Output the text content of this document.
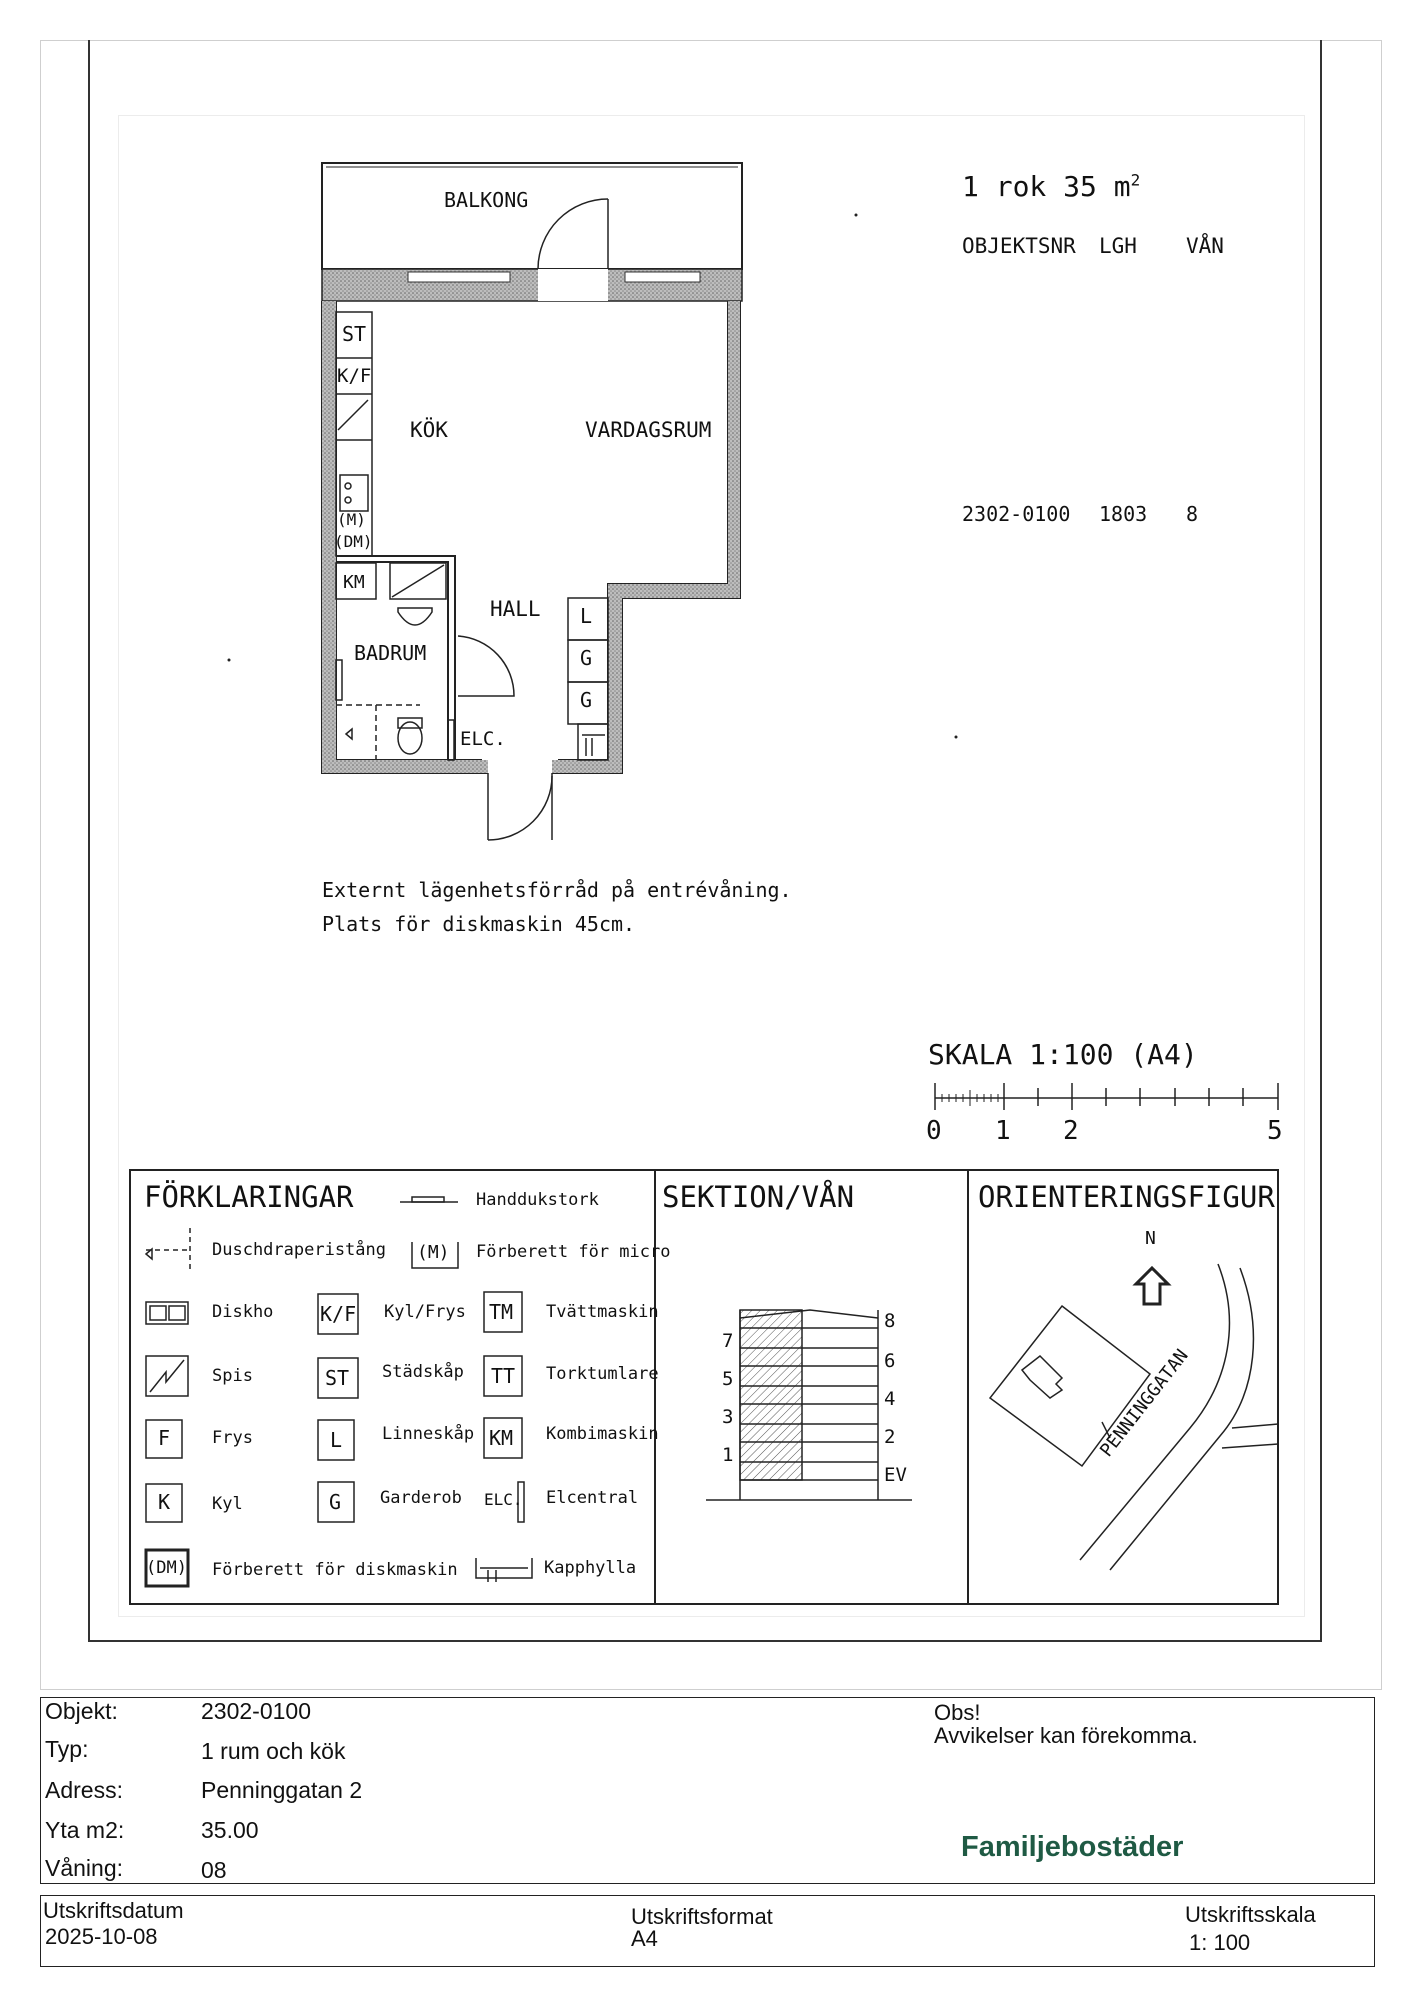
1 rok 35 $m^2$
OBJEKTSNR LGH VÅN
2302-0100 1803 8
BALKONG
KÖK	VARDAGSRUM
HALL
BADRUM
ELC.
ST
K/F
(M)
(DM)
KM
L
G
G
Externt lägenhetsförråd på entrévåning.
Plats för diskmaskin 45cm.
SKALA 1:100 (A4)
0 1 2	5
FÖRKLARINGAR	Handdukstork
Duschdraperistång (M) Förberett för micro
Diskho K/F Kyl/Frys TM Tvättmaskin
Spis	ST Städskåp TT Torktumlare
F Frys	L Linneskåp KM Kombimaskin
K Kyl	G Garderob ELC. Elcentral
(DM) Förberett för diskmaskin	Kapphylla
SEKTION/VÅN
7
5
3
1
8
6
4
2
EV
ORIENTERINGSFIGUR
N
PENNINGGATAN
Objekt:	2302-0100
Typ:	1 rum och kök
Adress:	Penninggatan 2
Yta m2:	35.00
Våning:	08
Obs!
Avvikelser kan förekomma.
Familjebostäder
Utskriftsdatum
2025-10-08
Utskriftsformat
A4
Utskriftsskala
1: 100
